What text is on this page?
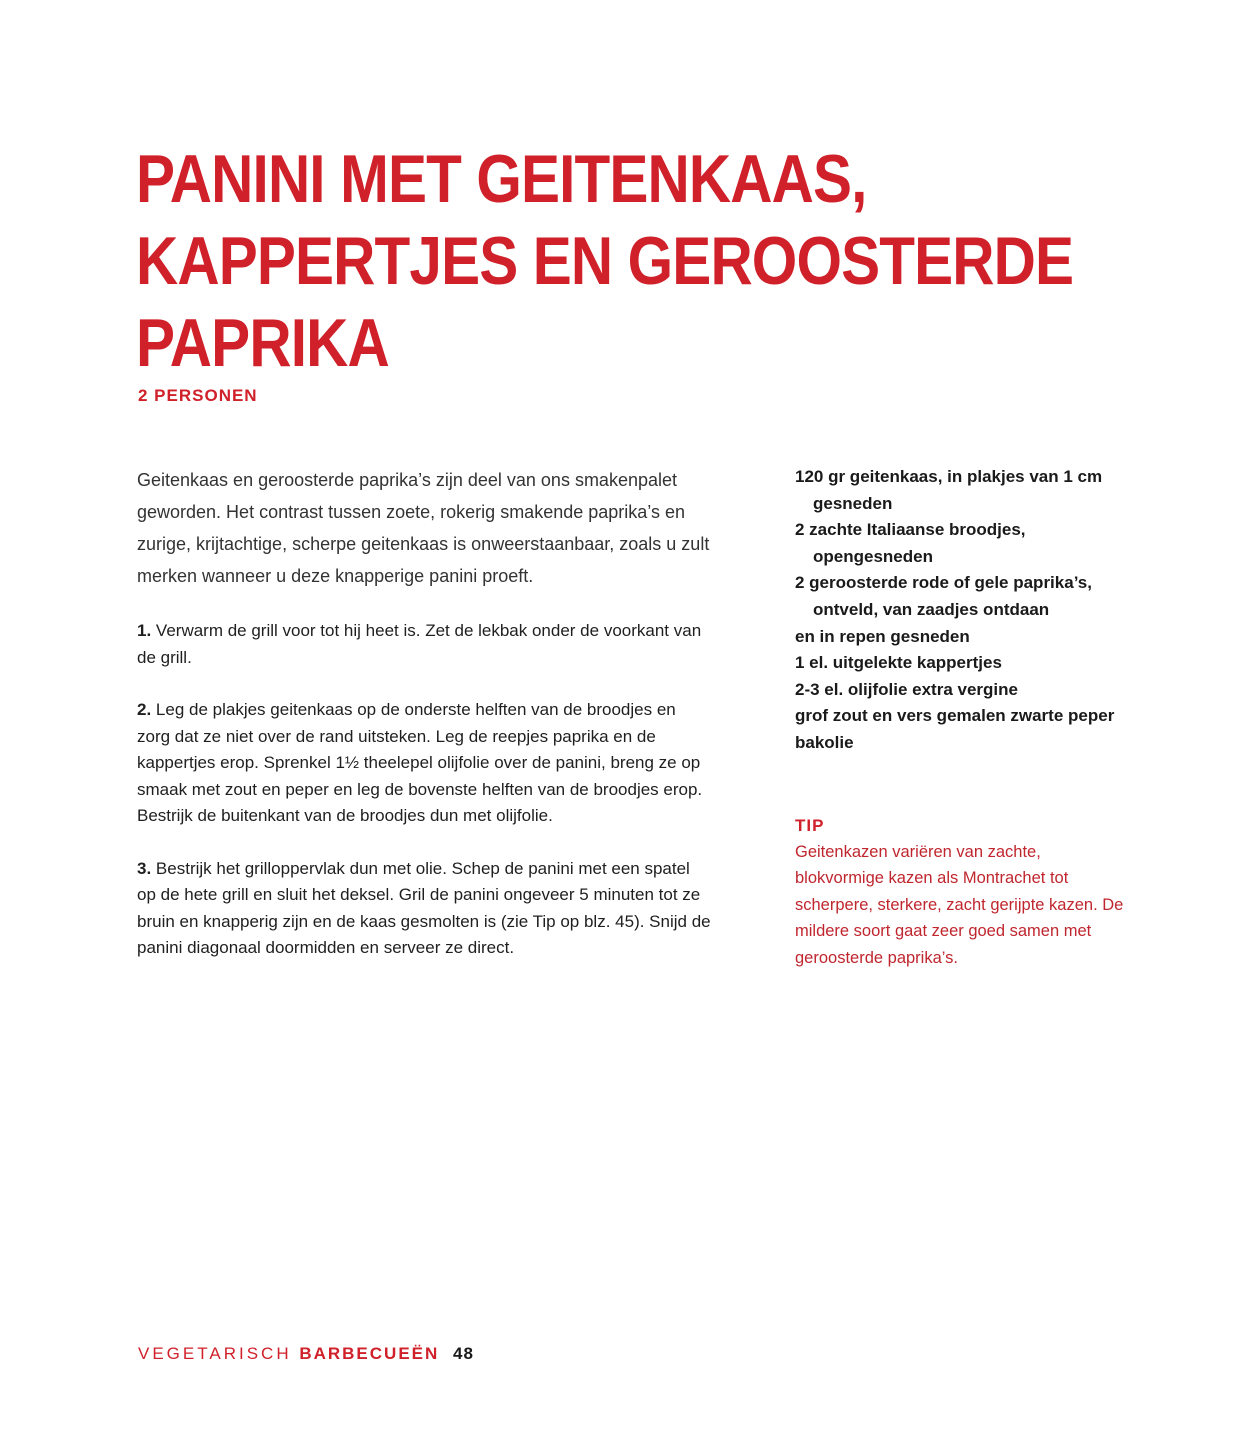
PANINI MET GEITENKAAS,
KAPPERTJES EN GEROOSTERDE
PAPRIKA
2 PERSONEN

Geitenkaas en geroosterde paprika’s zijn deel van ons smakenpalet geworden. Het contrast tussen zoete, rokerig smakende paprika’s en zurige, krijtachtige, scherpe geitenkaas is onweerstaanbaar, zoals u zult merken wanneer u deze knapperige panini proeft.

1. Verwarm de grill voor tot hij heet is. Zet de lekbak onder de voorkant van de grill.

2. Leg de plakjes geitenkaas op de onderste helften van de broodjes en zorg dat ze niet over de rand uitsteken. Leg de reepjes paprika en de kappertjes erop. Sprenkel 1½ theelepel olijfolie over de panini, breng ze op smaak met zout en peper en leg de bovenste helften van de broodjes erop. Bestrijk de buitenkant van de broodjes dun met olijfolie.

3. Bestrijk het grilloppervlak dun met olie. Schep de panini met een spatel op de hete grill en sluit het deksel. Gril de panini ongeveer 5 minuten tot ze bruin en knapperig zijn en de kaas gesmolten is (zie Tip op blz. 45). Snijd de panini diagonaal doormidden en serveer ze direct.

120 gr geitenkaas, in plakjes van 1 cm gesneden
2 zachte Italiaanse broodjes, opengesneden
2 geroosterde rode of gele paprika’s, ontveld, van zaadjes ontdaan
en in repen gesneden
1 el. uitgelekte kappertjes
2-3 el. olijfolie extra vergine
grof zout en vers gemalen zwarte peper
bakolie
TIP

Geitenkazen variëren van zachte, blokvormige kazen als Montrachet tot scherpere, sterkere, zacht gerijpte kazen. De mildere soort gaat zeer goed samen met geroosterde paprika’s.

VEGETARISCH BARBECUEËN 48
